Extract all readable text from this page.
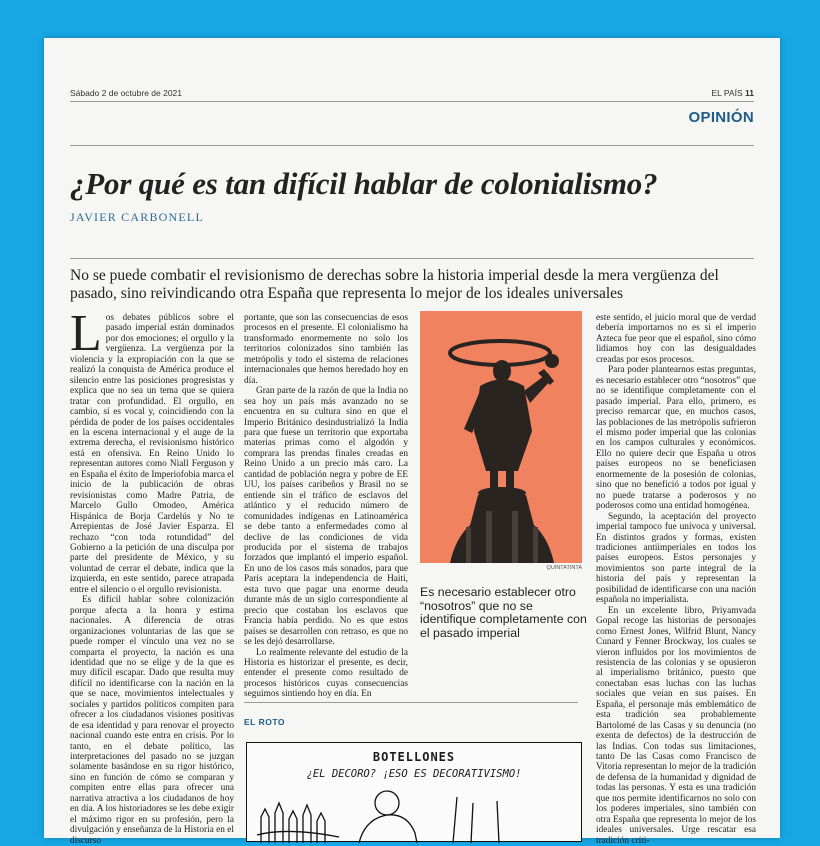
Sábado 2 de octubre de 2021	EL PAÍS 11
OPINIÓN
¿Por qué es tan difícil hablar de colonialismo?
JAVIER CARBONELL
No se puede combatir el revisionismo de derechas sobre la historia imperial desde la mera vergüenza del pasado, sino reivindicando otra España que representa lo mejor de los ideales universales

Los debates públicos sobre el pasado imperial están dominados por dos emociones; el orgullo y la vergüenza. La vergüenza por la violencia y la expropiación con la que se realizó la conquista de América produce el silencio entre las posiciones progresistas y explica que no sea un tema que se quiera tratar con profundidad. El orgullo, en cambio, sí es vocal y, coincidiendo con la pérdida de poder de los países occidentales en la escena internacional y el auge de la extrema derecha, el revisionismo histórico está en ofensiva. En Reino Unido lo representan autores como Niall Ferguson y en España el éxito de Imperiofobia marca el inicio de la publicación de obras revisionistas como Madre Patria, de Marcelo Gullo Omodeo, América Hispánica de Borja Cardelús y No te Arrepientas de José Javier Esparza. El rechazo “con toda rotundidad” del Gobierno a la petición de una disculpa por parte del presidente de México, y su voluntad de cerrar el debate, indica que la izquierda, en este sentido, parece atrapada entre el silencio o el orgullo revisionista.

Es difícil hablar sobre colonización porque afecta a la honra y estima nacionales. A diferencia de otras organizaciones voluntarias de las que se puede romper el vínculo una vez no se comparta el proyecto, la nación es una identidad que no se elige y de la que es muy difícil escapar. Dado que resulta muy difícil no identificarse con la nación en la que se nace, movimientos intelectuales y sociales y partidos políticos compiten para ofrecer a los ciudadanos visiones positivas de esa identidad y para renovar el proyecto nacional cuando este entra en crisis. Por lo tanto, en el debate político, las interpretaciones del pasado no se juzgan solamente basándose en su rigor histórico, sino en función de cómo se comparan y compiten entre ellas para ofrecer una narrativa atractiva a los ciudadanos de hoy en día. A los historiadores se les debe exigir el máximo rigor en su profesión, pero la divulgación y enseñanza de la Historia en el discurso

portante, que son las consecuencias de esos procesos en el presente. El colonialismo ha transformado enormemente no solo los territorios colonizados sino también las metrópolis y todo el sistema de relaciones internacionales que hemos heredado hoy en día.

Gran parte de la razón de que la India no sea hoy un país más avanzado no se encuentra en su cultura sino en que el Imperio Británico desindustrializó la India para que fuese un territorio que exportaba materias primas como el algodón y comprara las prendas finales creadas en Reino Unido a un precio más caro. La cantidad de población negra y pobre de EE UU, los países caribeños y Brasil no se entiende sin el tráfico de esclavos del atlántico y el reducido número de comunidades indígenas en Latinoamérica se debe tanto a enfermedades como al declive de las condiciones de vida producida por el sistema de trabajos forzados que implantó el imperio español. En uno de los casos más sonados, para que París aceptara la independencia de Haití, esta tuvo que pagar una enorme deuda durante más de un siglo correspondiente al precio que costaban los esclavos que Francia había perdido. No es que estos países se desarrollen con retraso, es que no se les dejó desarrollarse.

Lo realmente relevante del estudio de la Historia es historizar el presente, es decir, entender el presente como resultado de procesos históricos cuyas consecuencias seguimos sintiendo hoy en día. En

QUINTATINTA
Es necesario establecer otro “nosotros” que no se identifique completamente con el pasado imperial

este sentido, el juicio moral que de verdad debería importarnos no es si el imperio Azteca fue peor que el español, sino cómo lidiamos hoy con las desigualdades creadas por esos procesos.

Para poder plantearnos estas preguntas, es necesario establecer otro “nosotros” que no se identifique completamente con el pasado imperial. Para ello, primero, es preciso remarcar que, en muchos casos, las poblaciones de las metrópolis sufrieron el mismo poder imperial que las colonias en los campos culturales y económicos. Ello no quiere decir que España u otros países europeos no se beneficiasen enormemente de la posesión de colonias, sino que no benefició a todos por igual y no puede tratarse a poderosos y no poderosos como una entidad homogénea.

Segundo, la aceptación del proyecto imperial tampoco fue unívoca y universal. En distintos grados y formas, existen tradiciones antiimperiales en todos los países europeos. Estos personajes y movimientos son parte integral de la historia del país y representan la posibilidad de identificarse con una nación española no imperialista.

En un excelente libro, Priyamvada Gopal recoge las historias de personajes como Ernest Jones, Wilfrid Blunt, Nancy Cunard y Fenner Brockway, los cuales se vieron influidos por los movimientos de resistencia de las colonias y se opusieron al imperialismo británico, puesto que conectaban esas luchas con las luchas sociales que veían en sus países. En España, el personaje más emblemático de esta tradición sea probablemente Bartolomé de las Casas y su denuncia (no exenta de defectos) de la destrucción de las Indias. Con todas sus limitaciones, tanto De las Casas como Francisco de Vitoria representan lo mejor de la tradición de defensa de la humanidad y dignidad de todas las personas. Y esta es una tradición que nos permite identificarnos no solo con los poderes imperiales, sino también con otra España que representa lo mejor de los ideales universales. Urge rescatar esa tradición críti-

EL ROTO
BOTELLONES
¿EL DECORO? ¡ESO ES DECORATIVISMO!
